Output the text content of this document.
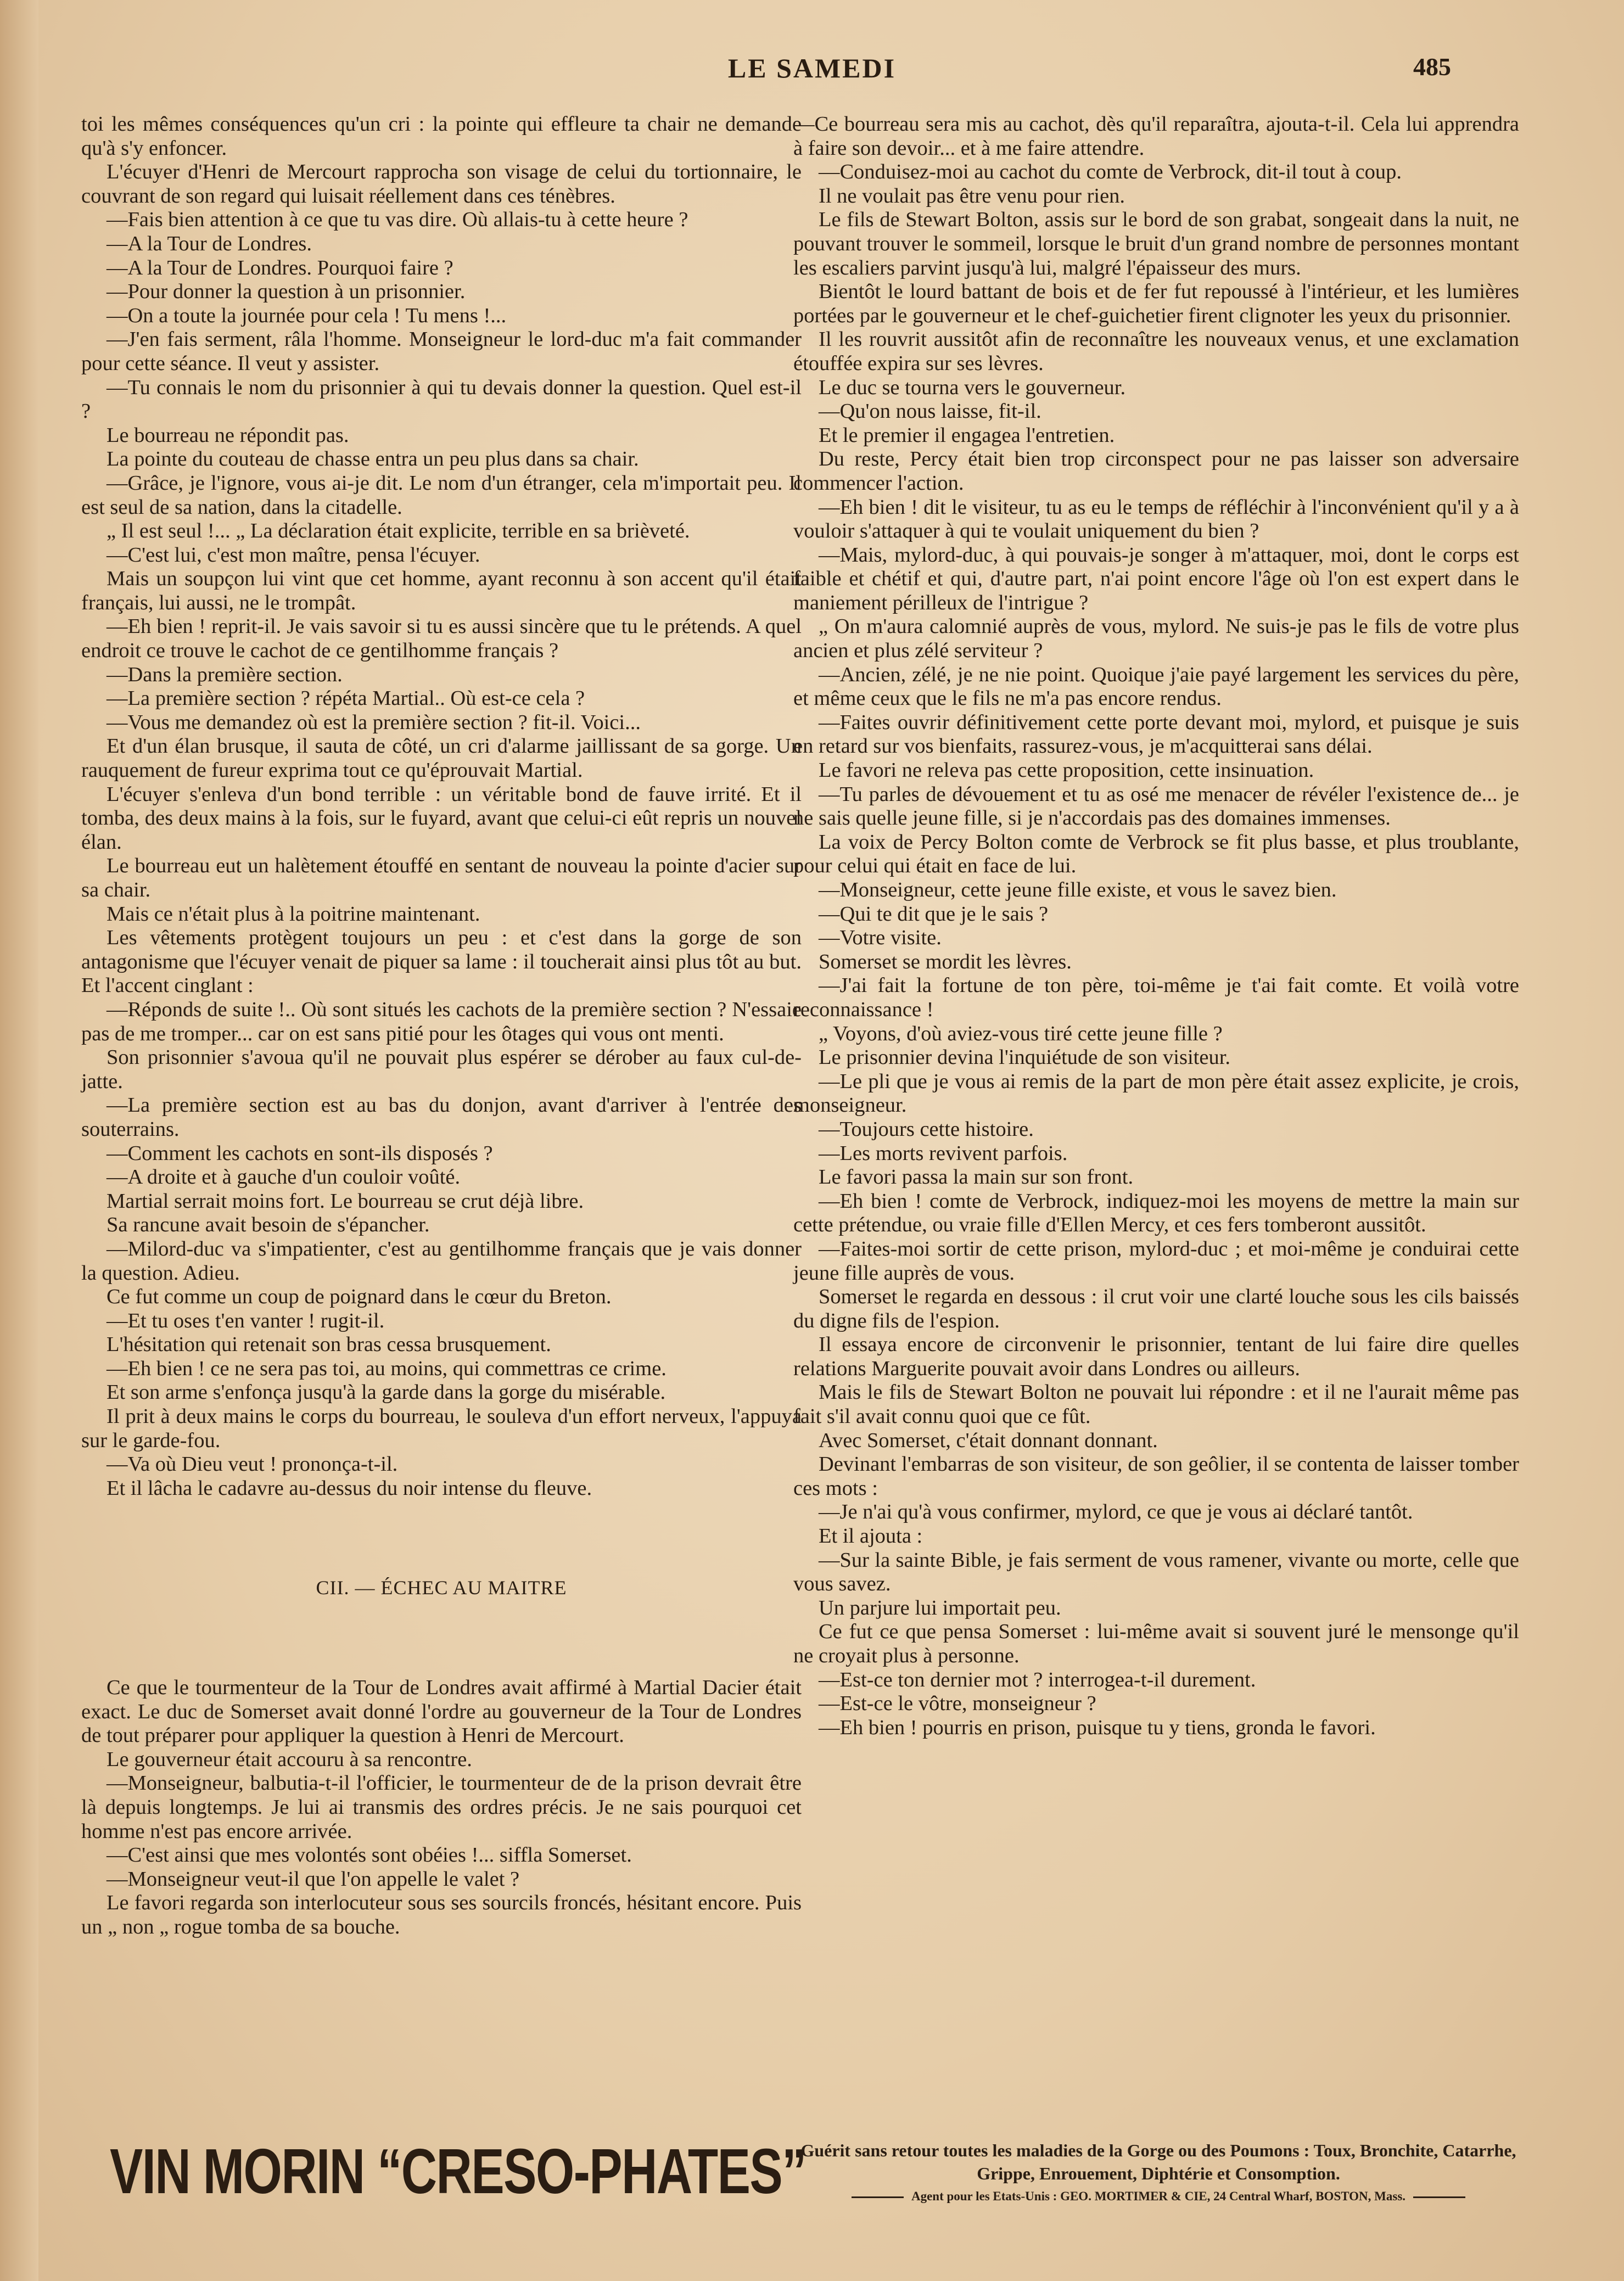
LE SAMEDI	485

toi les mêmes conséquences qu'un cri : la pointe qui effleure ta chair ne demande qu'à s'y enfoncer.

L'écuyer d'Henri de Mercourt rapprocha son visage de celui du tortionnaire, le couvrant de son regard qui luisait réellement dans ces ténèbres.

—Fais bien attention à ce que tu vas dire. Où allais-tu à cette heure ?

—A la Tour de Londres.

—A la Tour de Londres. Pourquoi faire ?

—Pour donner la question à un prisonnier.

—On a toute la journée pour cela ! Tu mens !...

—J'en fais serment, râla l'homme. Monseigneur le lord-duc m'a fait commander pour cette séance. Il veut y assister.

—Tu connais le nom du prisonnier à qui tu devais donner la question. Quel est-il ?

Le bourreau ne répondit pas.

La pointe du couteau de chasse entra un peu plus dans sa chair.

—Grâce, je l'ignore, vous ai-je dit. Le nom d'un étranger, cela m'importait peu. Il est seul de sa nation, dans la citadelle.

„ Il est seul !... „ La déclaration était explicite, terrible en sa brièveté.

—C'est lui, c'est mon maître, pensa l'écuyer.

Mais un soupçon lui vint que cet homme, ayant reconnu à son accent qu'il était français, lui aussi, ne le trompât.

—Eh bien ! reprit-il. Je vais savoir si tu es aussi sincère que tu le prétends. A quel endroit ce trouve le cachot de ce gentilhomme français ?

—Dans la première section.

—La première section ? répéta Martial.. Où est-ce cela ?

—Vous me demandez où est la première section ? fit-il. Voici...

Et d'un élan brusque, il sauta de côté, un cri d'alarme jaillissant de sa gorge. Un rauquement de fureur exprima tout ce qu'éprouvait Martial.

L'écuyer s'enleva d'un bond terrible : un véritable bond de fauve irrité. Et il tomba, des deux mains à la fois, sur le fuyard, avant que celui-ci eût repris un nouvel élan.

Le bourreau eut un halètement étouffé en sentant de nouveau la pointe d'acier sur sa chair.

Mais ce n'était plus à la poitrine maintenant.

Les vêtements protègent toujours un peu : et c'est dans la gorge de son antagonisme que l'écuyer venait de piquer sa lame : il toucherait ainsi plus tôt au but. Et l'accent cinglant :

—Réponds de suite !.. Où sont situés les cachots de la première section ? N'essaie pas de me tromper... car on est sans pitié pour les ôtages qui vous ont menti.

Son prisonnier s'avoua qu'il ne pouvait plus espérer se dérober au faux cul-de-jatte.

—La première section est au bas du donjon, avant d'arriver à l'entrée des souterrains.

—Comment les cachots en sont-ils disposés ?

—A droite et à gauche d'un couloir voûté.

Martial serrait moins fort. Le bourreau se crut déjà libre.

Sa rancune avait besoin de s'épancher.

—Milord-duc va s'impatienter, c'est au gentilhomme français que je vais donner la question. Adieu.

Ce fut comme un coup de poignard dans le cœur du Breton.

—Et tu oses t'en vanter ! rugit-il.

L'hésitation qui retenait son bras cessa brusquement.

—Eh bien ! ce ne sera pas toi, au moins, qui commettras ce crime.

Et son arme s'enfonça jusqu'à la garde dans la gorge du misérable.

Il prit à deux mains le corps du bourreau, le souleva d'un effort nerveux, l'appuya sur le garde-fou.

—Va où Dieu veut ! prononça-t-il.

Et il lâcha le cadavre au-dessus du noir intense du fleuve.

CII. — ÉCHEC AU MAITRE

Ce que le tourmenteur de la Tour de Londres avait affirmé à Martial Dacier était exact. Le duc de Somerset avait donné l'ordre au gouverneur de la Tour de Londres de tout préparer pour appliquer la question à Henri de Mercourt.

Le gouverneur était accouru à sa rencontre.

—Monseigneur, balbutia-t-il l'officier, le tourmenteur de de la prison devrait être là depuis longtemps. Je lui ai transmis des ordres précis. Je ne sais pourquoi cet homme n'est pas encore arrivée.

—C'est ainsi que mes volontés sont obéies !... siffla Somerset.

—Monseigneur veut-il que l'on appelle le valet ?

Le favori regarda son interlocuteur sous ses sourcils froncés, hésitant encore. Puis un „ non „ rogue tomba de sa bouche.

—Ce bourreau sera mis au cachot, dès qu'il reparaîtra, ajouta-t-il. Cela lui apprendra à faire son devoir... et à me faire attendre.

—Conduisez-moi au cachot du comte de Verbrock, dit-il tout à coup.

Il ne voulait pas être venu pour rien.

Le fils de Stewart Bolton, assis sur le bord de son grabat, songeait dans la nuit, ne pouvant trouver le sommeil, lorsque le bruit d'un grand nombre de personnes montant les escaliers parvint jusqu'à lui, malgré l'épaisseur des murs.

Bientôt le lourd battant de bois et de fer fut repoussé à l'intérieur, et les lumières portées par le gouverneur et le chef-guichetier firent clignoter les yeux du prisonnier.

Il les rouvrit aussitôt afin de reconnaître les nouveaux venus, et une exclamation étouffée expira sur ses lèvres.

Le duc se tourna vers le gouverneur.

—Qu'on nous laisse, fit-il.

Et le premier il engagea l'entretien.

Du reste, Percy était bien trop circonspect pour ne pas laisser son adversaire commencer l'action.

—Eh bien ! dit le visiteur, tu as eu le temps de réfléchir à l'inconvénient qu'il y a à vouloir s'attaquer à qui te voulait uniquement du bien ?

—Mais, mylord-duc, à qui pouvais-je songer à m'attaquer, moi, dont le corps est faible et chétif et qui, d'autre part, n'ai point encore l'âge où l'on est expert dans le maniement périlleux de l'intrigue ?

„ On m'aura calomnié auprès de vous, mylord. Ne suis-je pas le fils de votre plus ancien et plus zélé serviteur ?

—Ancien, zélé, je ne nie point. Quoique j'aie payé largement les services du père, et même ceux que le fils ne m'a pas encore rendus.

—Faites ouvrir définitivement cette porte devant moi, mylord, et puisque je suis en retard sur vos bienfaits, rassurez-vous, je m'acquitterai sans délai.

Le favori ne releva pas cette proposition, cette insinuation.

—Tu parles de dévouement et tu as osé me menacer de révéler l'existence de... je ne sais quelle jeune fille, si je n'accordais pas des domaines immenses.

La voix de Percy Bolton comte de Verbrock se fit plus basse, et plus troublante, pour celui qui était en face de lui.

—Monseigneur, cette jeune fille existe, et vous le savez bien.

—Qui te dit que je le sais ?

—Votre visite.

Somerset se mordit les lèvres.

—J'ai fait la fortune de ton père, toi-même je t'ai fait comte. Et voilà votre reconnaissance !

„ Voyons, d'où aviez-vous tiré cette jeune fille ?

Le prisonnier devina l'inquiétude de son visiteur.

—Le pli que je vous ai remis de la part de mon père était assez explicite, je crois, monseigneur.

—Toujours cette histoire.

—Les morts revivent parfois.

Le favori passa la main sur son front.

—Eh bien ! comte de Verbrock, indiquez-moi les moyens de mettre la main sur cette prétendue, ou vraie fille d'Ellen Mercy, et ces fers tomberont aussitôt.

—Faites-moi sortir de cette prison, mylord-duc ; et moi-même je conduirai cette jeune fille auprès de vous.

Somerset le regarda en dessous : il crut voir une clarté louche sous les cils baissés du digne fils de l'espion.

Il essaya encore de circonvenir le prisonnier, tentant de lui faire dire quelles relations Marguerite pouvait avoir dans Londres ou ailleurs.

Mais le fils de Stewart Bolton ne pouvait lui répondre : et il ne l'aurait même pas fait s'il avait connu quoi que ce fût.

Avec Somerset, c'était donnant donnant.

Devinant l'embarras de son visiteur, de son geôlier, il se contenta de laisser tomber ces mots :

—Je n'ai qu'à vous confirmer, mylord, ce que je vous ai déclaré tantôt.

Et il ajouta :

—Sur la sainte Bible, je fais serment de vous ramener, vivante ou morte, celle que vous savez.

Un parjure lui importait peu.

Ce fut ce que pensa Somerset : lui-même avait si souvent juré le mensonge qu'il ne croyait plus à personne.

—Est-ce ton dernier mot ? interrogea-t-il durement.

—Est-ce le vôtre, monseigneur ?

—Eh bien ! pourris en prison, puisque tu y tiens, gronda le favori.

VIN MORIN “CRESO-PHATES”
Guérit sans retour toutes les maladies de la Gorge ou des Poumons : Toux, Bronchite, Catarrhe, Grippe, Enrouement, Diphtérie et Consomption.
Agent pour les Etats-Unis : GEO. MORTIMER & CIE, 24 Central Wharf, BOSTON, Mass.
